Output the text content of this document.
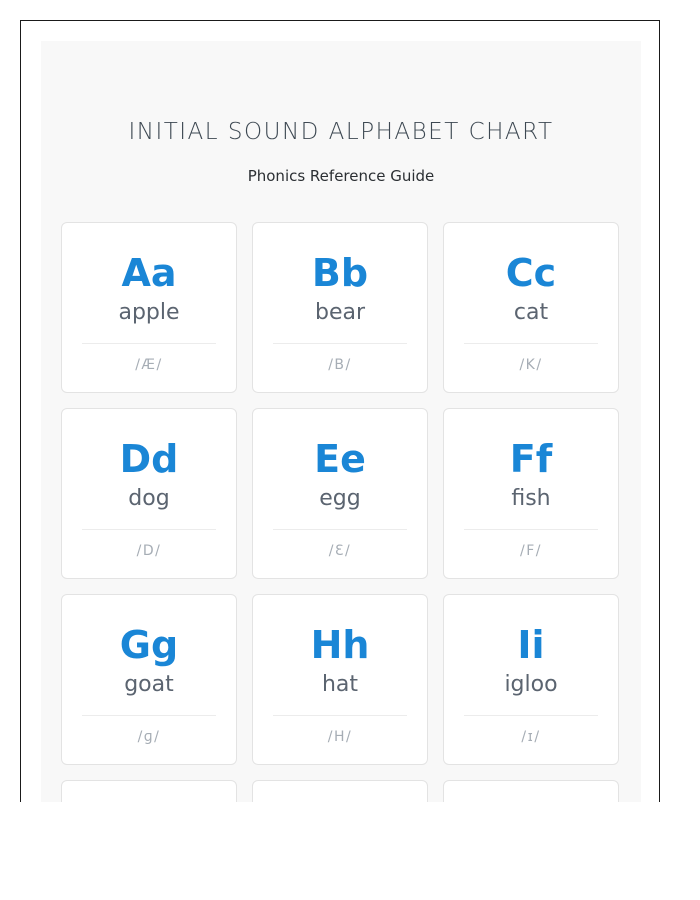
INITIAL SOUND ALPHABET CHART
Phonics Reference Guide
Aa
apple
/Æ/
Bb
bear
/B/
Cc
cat
/K/
Dd
dog
/D/
Ee
egg
/Ɛ/
Ff
fish
/F/
Gg
goat
/ɡ/
Hh
hat
/H/
Ii
igloo
/ɪ/
